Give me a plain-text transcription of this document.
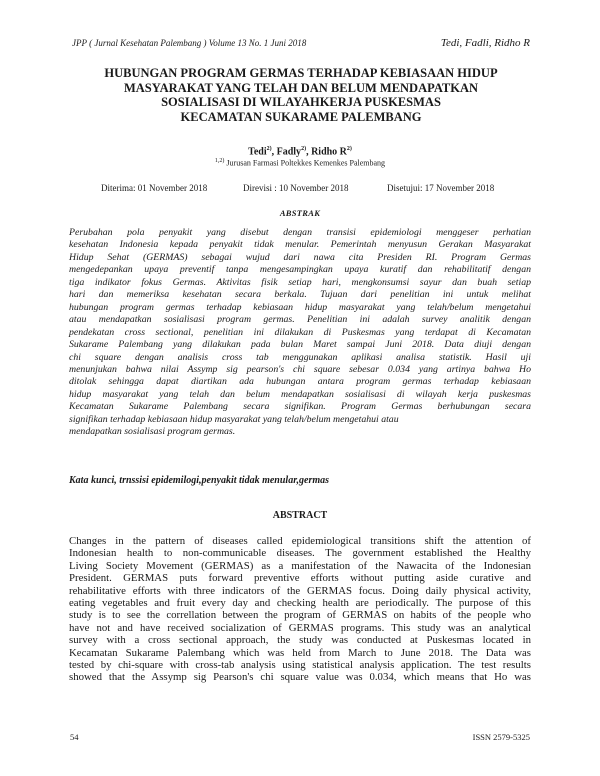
JPP ( Jurnal Kesehatan Palembang ) Volume 13 No. 1 Juni 2018	Tedi, Fadli, Ridho R
HUBUNGAN PROGRAM GERMAS TERHADAP KEBIASAAN HIDUP
MASYARAKAT YANG TELAH DAN BELUM MENDAPATKAN
SOSIALISASI DI WILAYAHKERJA PUSKESMAS
KECAMATAN SUKARAME PALEMBANG
Tedi$^{2)}$, Fadly$^{2)}$, Ridho $R^{2)}$
$^{1,2)}$ Jurusan Farmasi Poltekkes Kemenkes Palembang
Diterima: 01 November 2018	Direvisi : 10 November 2018	Disetujui: 17 November 2018
ABSTRAK
Perubahan pola penyakit yang disebut dengan transisi epidemiologi menggeser perhatian
kesehatan Indonesia kepada penyakit tidak menular. Pemerintah menyusun Gerakan Masyarakat
Hidup Sehat (GERMAS) sebagai wujud dari nawa cita Presiden RI. Program Germas
mengedepankan upaya preventif tanpa mengesampingkan upaya kuratif dan rehabilitatif dengan
tiga indikator fokus Germas. Aktivitas fisik setiap hari, mengkonsumsi sayur dan buah setiap
hari dan memeriksa kesehatan secara berkala. Tujuan dari penelitian ini untuk melihat
hubungan program germas terhadap kebiasaan hidup masyarakat yang telah/belum mengetahui
atau mendapatkan sosialisasi program germas. Penelitian ini adalah survey analitik dengan
pendekatan cross sectional, penelitian ini dilakukan di Puskesmas yang terdapat di Kecamatan
Sukarame Palembang yang dilakukan pada bulan Maret sampai Juni 2018. Data diuji dengan
chi square dengan analisis cross tab menggunakan aplikasi analisa statistik. Hasil uji
menunjukan bahwa nilai Assymp sig pearson's chi square sebesar 0.034 yang artinya bahwa Ho
ditolak sehingga dapat diartikan ada hubungan antara program germas terhadap kebiasaan
hidup masyarakat yang telah dan belum mendapatkan sosialisasi di wilayah kerja puskesmas
Kecamatan Sukarame Palembang secara signifikan. Program Germas berhubungan secara
signifikan terhadap kebiasaan hidup masyarakat yang telah/belum mengetahui atau
mendapatkan sosialisasi program germas.
Kata kunci, trnssisi epidemilogi,penyakit tidak menular,germas
ABSTRACT
Changes in the pattern of diseases called epidemiological transitions shift the attention of
Indonesian health to non-communicable diseases. The government established the Healthy
Living Society Movement (GERMAS) as a manifestation of the Nawacita of the Indonesian
President. GERMAS puts forward preventive efforts without putting aside curative and
rehabilitative efforts with three indicators of the GERMAS focus. Doing daily physical activity,
eating vegetables and fruit every day and checking health are periodically. The purpose of this
study is to see the correllation between the program of GERMAS on habits of the people who
have not and have received socialization of GERMAS programs. This study was an analytical
survey with a cross sectional approach, the study was conducted at Puskesmas located in
Kecamatan Sukarame Palembang which was held from March to June 2018. The Data was
tested by chi-square with cross-tab analysis using statistical analysis application. The test results
showed that the Assymp sig Pearson's chi square value was 0.034, which means that Ho was
54	ISSN 2579-5325
